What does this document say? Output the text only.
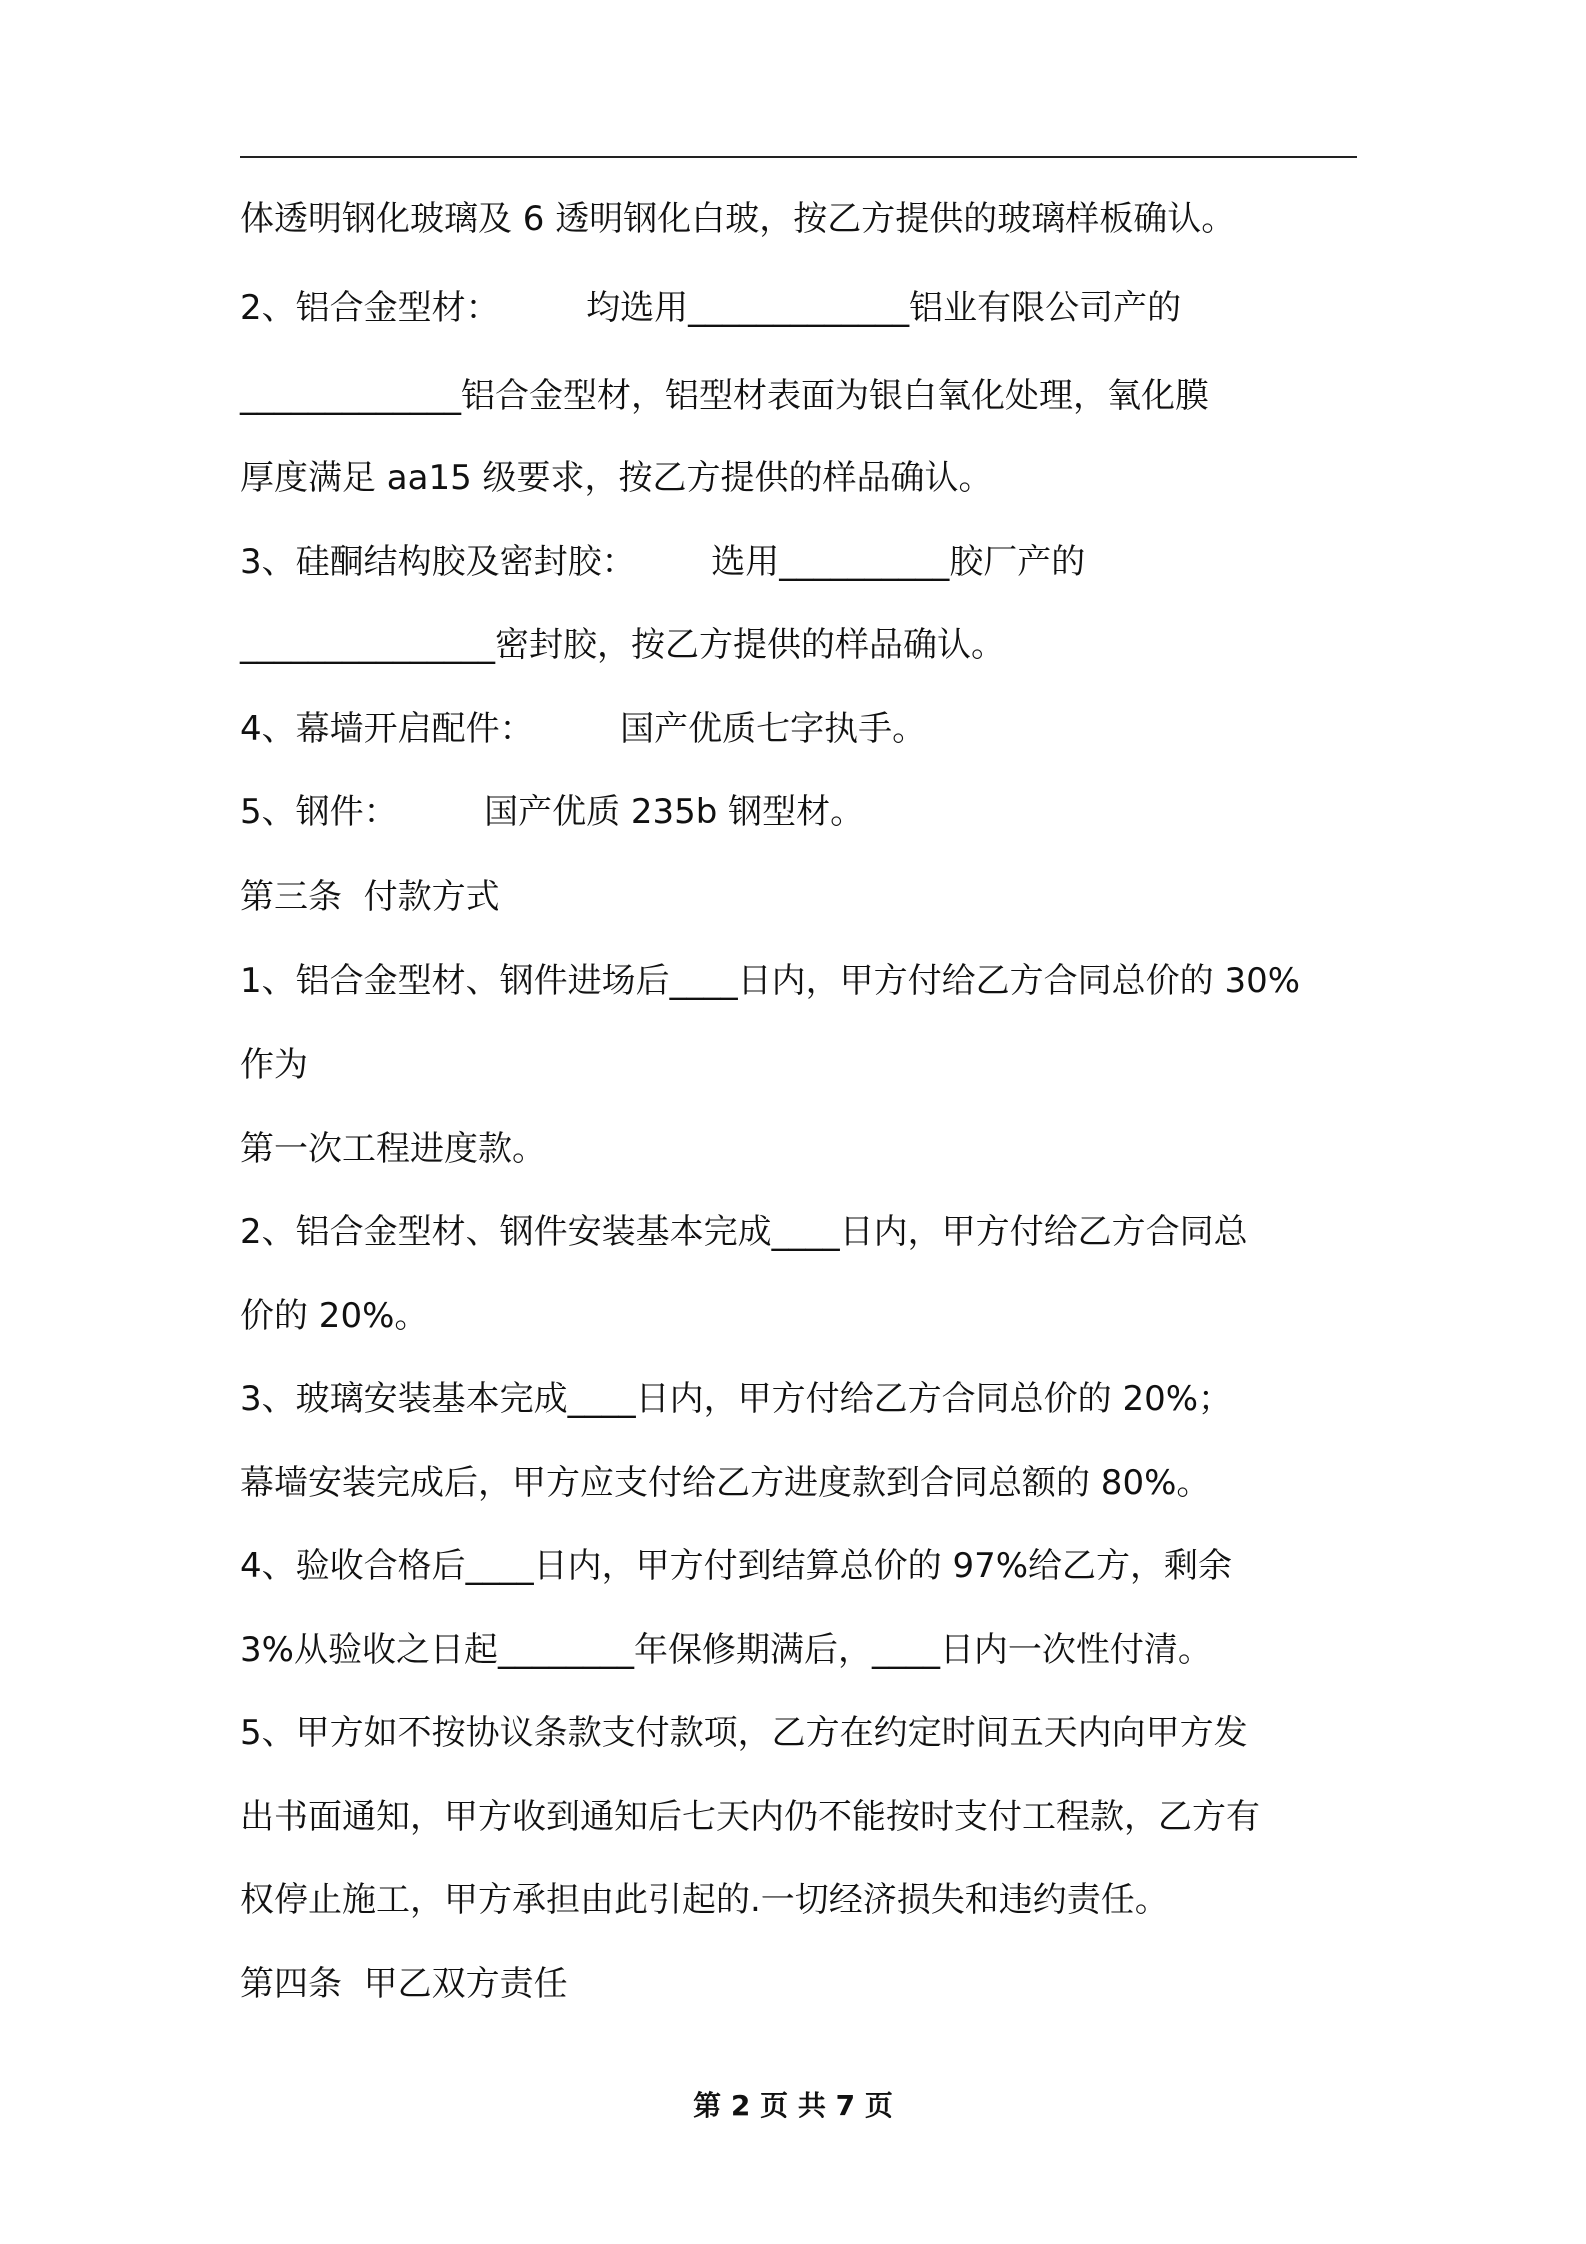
体透明钢化玻璃及 6 透明钢化白玻，按乙方提供的玻璃样板确认。
2、铝合金型材：        均选用_____________铝业有限公司产的
_____________铝合金型材，铝型材表面为银白氧化处理，氧化膜
厚度满足 aa15 级要求，按乙方提供的样品确认。
3、硅酮结构胶及密封胶：       选用__________胶厂产的
_______________密封胶，按乙方提供的样品确认。
4、幕墙开启配件：        国产优质七字执手。
5、钢件：        国产优质 235b 钢型材。
第三条  付款方式
1、铝合金型材、钢件进场后____日内，甲方付给乙方合同总价的 30%
作为
第一次工程进度款。
2、铝合金型材、钢件安装基本完成____日内，甲方付给乙方合同总
价的 20%。
3、玻璃安装基本完成____日内，甲方付给乙方合同总价的 20%；
幕墙安装完成后，甲方应支付给乙方进度款到合同总额的 80%。
4、验收合格后____日内，甲方付到结算总价的 97%给乙方，剩余
3%从验收之日起________年保修期满后，____日内一次性付清。
5、甲方如不按协议条款支付款项，乙方在约定时间五天内向甲方发
出书面通知，甲方收到通知后七天内仍不能按时支付工程款，乙方有
权停止施工，甲方承担由此引起的.一切经济损失和违约责任。
第四条  甲乙双方责任
第 2 页 共 7 页
